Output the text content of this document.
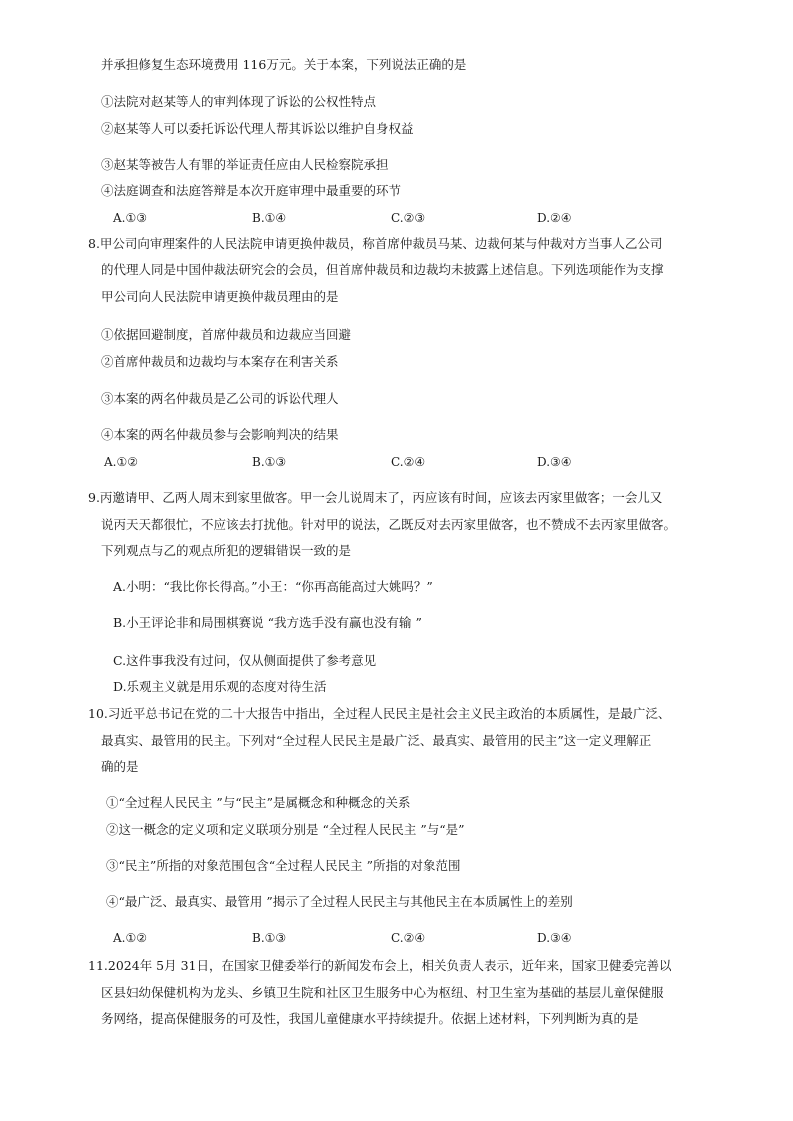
并承担修复生态环境费用 116万元。关于本案，下列说法正确的是
①法院对赵某等人的审判体现了诉讼的公权性特点
②赵某等人可以委托诉讼代理人帮其诉讼以维护自身权益
③赵某等被告人有罪的举证责任应由人民检察院承担
④法庭调查和法庭答辩是本次开庭审理中最重要的环节
A.①③	B.①④	C.②③	D.②④
8.甲公司向审理案件的人民法院申请更换仲裁员，称首席仲裁员马某、边裁何某与仲裁对方当事人乙公司
的代理人同是中国仲裁法研究会的会员，但首席仲裁员和边裁均未披露上述信息。下列选项能作为支撑
甲公司向人民法院申请更换仲裁员理由的是
①依据回避制度，首席仲裁员和边裁应当回避
②首席仲裁员和边裁均与本案存在利害关系
③本案的两名仲裁员是乙公司的诉讼代理人
④本案的两名仲裁员参与会影响判决的结果
A.①②	B.①③	C.②④	D.③④
9.丙邀请甲、乙两人周末到家里做客。甲一会儿说周末了，丙应该有时间，应该去丙家里做客；一会儿又
说丙天天都很忙，不应该去打扰他。针对甲的说法，乙既反对去丙家里做客，也不赞成不去丙家里做客。
下列观点与乙的观点所犯的逻辑错误一致的是
A.小明：“我比你长得高。”小王：“你再高能高过大姚吗？”
B.小王评论非和局围棋赛说 “我方选手没有赢也没有输 ”
C.这件事我没有过问，仅从侧面提供了参考意见
D.乐观主义就是用乐观的态度对待生活
10.习近平总书记在党的二十大报告中指出，全过程人民民主是社会主义民主政治的本质属性，是最广泛、
最真实、最管用的民主。下列对“全过程人民民主是最广泛、最真实、最管用的民主”这一定义理解正
确的是
①“全过程人民民主 ”与“民主”是属概念和种概念的关系
②这一概念的定义项和定义联项分别是 “全过程人民民主 ”与“是”
③“民主”所指的对象范围包含“全过程人民民主 ”所指的对象范围
④“最广泛、最真实、最管用 ”揭示了全过程人民民主与其他民主在本质属性上的差别
A.①②	B.①③	C.②④	D.③④
11.2024年 5月 31日，在国家卫健委举行的新闻发布会上，相关负责人表示，近年来，国家卫健委完善以
区县妇幼保健机构为龙头、乡镇卫生院和社区卫生服务中心为枢纽、村卫生室为基础的基层儿童保健服
务网络，提高保健服务的可及性，我国儿童健康水平持续提升。依据上述材料，下列判断为真的是
